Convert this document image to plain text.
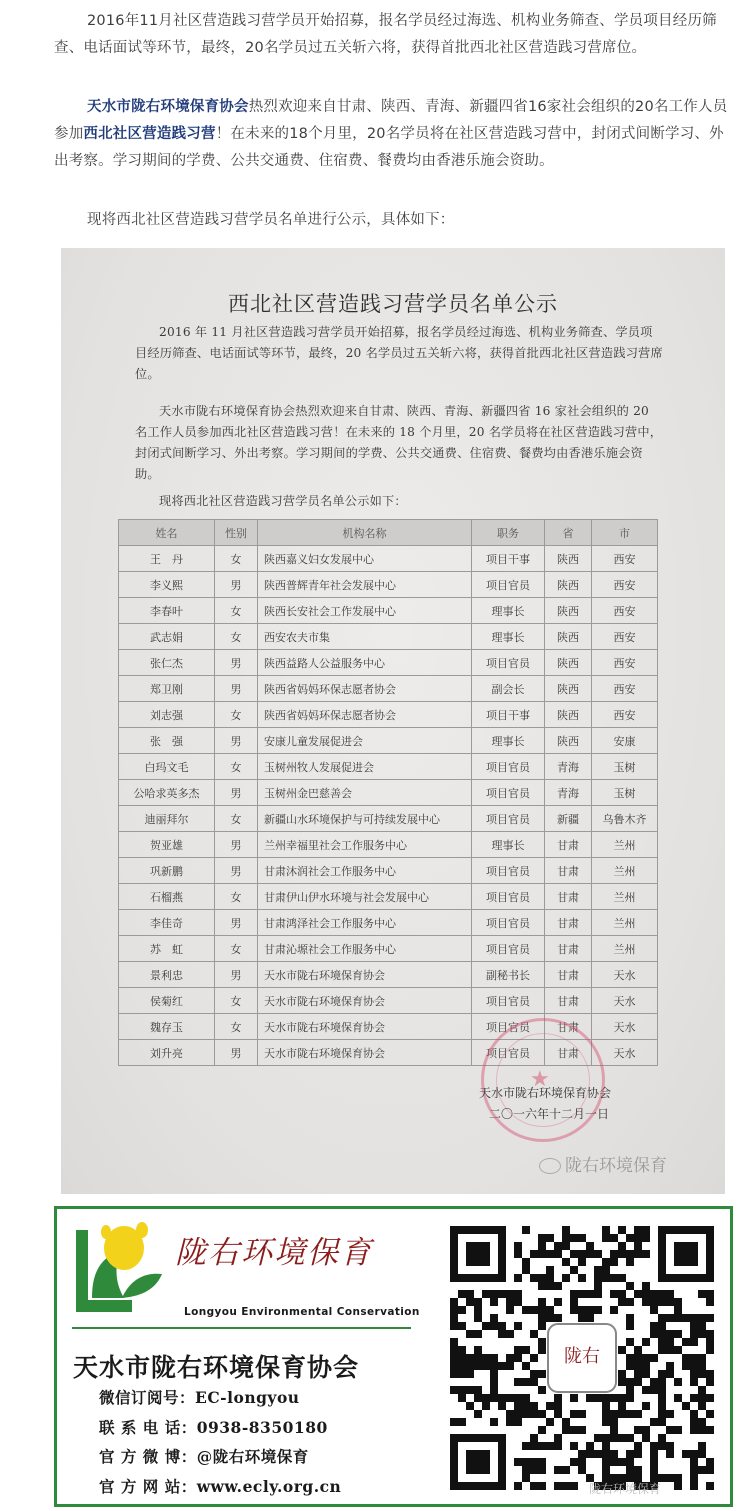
2016年11月社区营造践习营学员开始招募，报名学员经过海选、机构业务筛查、学员项目经历筛查、电话面试等环节，最终，20名学员过五关斩六将，获得首批西北社区营造践习营席位。

天水市陇右环境保育协会热烈欢迎来自甘肃、陕西、青海、新疆四省16家社会组织的20名工作人员参加西北社区营造践习营！在未来的18个月里，20名学员将在社区营造践习营中，封闭式间断学习、外出考察。学习期间的学费、公共交通费、住宿费、餐费均由香港乐施会资助。

现将西北社区营造践习营学员名单进行公示，具体如下：

西北社区营造践习营学员名单公示

2016 年 11 月社区营造践习营学员开始招募，报名学员经过海选、机构业务筛查、学员项目经历筛查、电话面试等环节，最终，20 名学员过五关斩六将，获得首批西北社区营造践习营席位。

天水市陇右环境保育协会热烈欢迎来自甘肃、陕西、青海、新疆四省 16 家社会组织的 20 名工作人员参加西北社区营造践习营！在未来的 18 个月里，20 名学员将在社区营造践习营中，封闭式间断学习、外出考察。学习期间的学费、公共交通费、住宿费、餐费均由香港乐施会资助。

现将西北社区营造践习营学员名单公示如下：

姓名	性别	机构名称	职务	省	市
王　丹	女	陕西嘉义妇女发展中心	项目干事	陕西	西安
李义熙	男	陕西普辉青年社会发展中心	项目官员	陕西	西安
李春叶	女	陕西长安社会工作发展中心	理事长	陕西	西安
武志娟	女	西安农夫市集	理事长	陕西	西安
张仁杰	男	陕西益路人公益服务中心	项目官员	陕西	西安
郑卫刚	男	陕西省妈妈环保志愿者协会	副会长	陕西	西安
刘志强	女	陕西省妈妈环保志愿者协会	项目干事	陕西	西安
张　强	男	安康儿童发展促进会	理事长	陕西	安康
白玛文毛	女	玉树州牧人发展促进会	项目官员	青海	玉树
公哈求英多杰	男	玉树州金巴慈善会	项目官员	青海	玉树
迪丽拜尔	女	新疆山水环境保护与可持续发展中心	项目官员	新疆	乌鲁木齐
贺亚雄	男	兰州幸福里社会工作服务中心	理事长	甘肃	兰州
巩新鹏	男	甘肃沐润社会工作服务中心	项目官员	甘肃	兰州
石榴燕	女	甘肃伊山伊水环境与社会发展中心	项目官员	甘肃	兰州
李佳奇	男	甘肃鸿泽社会工作服务中心	项目官员	甘肃	兰州
苏　虹	女	甘肃沁塬社会工作服务中心	项目官员	甘肃	兰州
景利忠	男	天水市陇右环境保育协会	副秘书长	甘肃	天水
侯菊红	女	天水市陇右环境保育协会	项目官员	甘肃	天水
魏存玉	女	天水市陇右环境保育协会	项目官员	甘肃	天水
刘升亮	男	天水市陇右环境保育协会	项目官员	甘肃	天水
★
天水市陇右环境保育协会
二〇一六年十二月一日
陇右环境保育
陇右环境保育
Longyou Environmental Conservation
天水市陇右环境保育协会
微信订阅号：EC-longyou
联 系 电 话：0938-8350180
官 方 微 博：@陇右环境保育
官 方 网 站：www.ecly.org.cn
陇右
陇右环境保育
